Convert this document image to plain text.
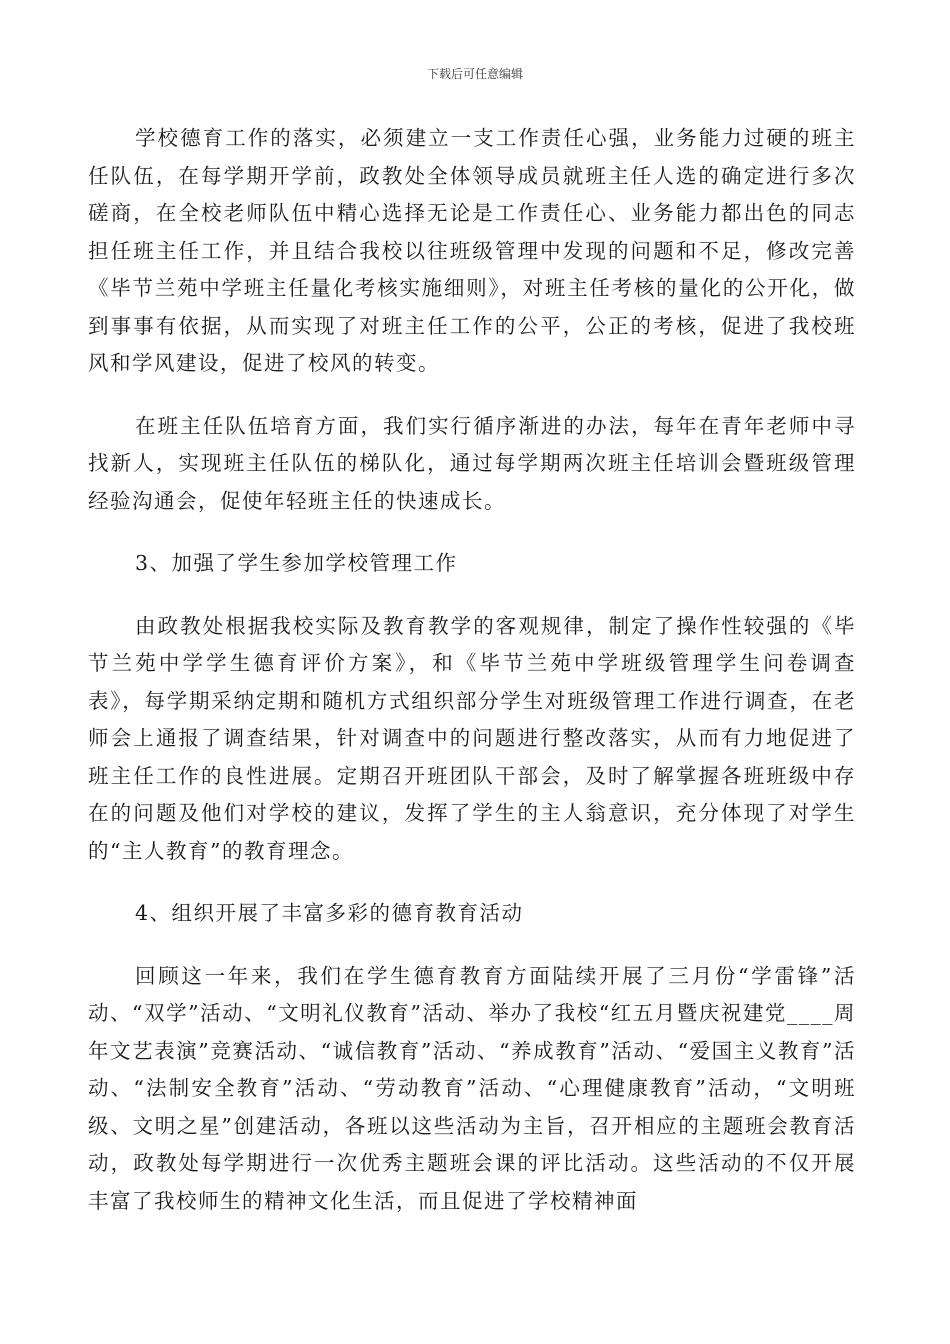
下载后可任意编辑

学校德育工作的落实，必须建立一支工作责任心强，业务能力过硬的班主任队伍，在每学期开学前，政教处全体领导成员就班主任人选的确定进行多次磋商，在全校老师队伍中精心选择无论是工作责任心、业务能力都出色的同志担任班主任工作，并且结合我校以往班级管理中发现的问题和不足，修改完善《毕节兰苑中学班主任量化考核实施细则》，对班主任考核的量化的公开化，做到事事有依据，从而实现了对班主任工作的公平，公正的考核，促进了我校班风和学风建设，促进了校风的转变。

在班主任队伍培育方面，我们实行循序渐进的办法，每年在青年老师中寻找新人，实现班主任队伍的梯队化，通过每学期两次班主任培训会暨班级管理经验沟通会，促使年轻班主任的快速成长。

3、加强了学生参加学校管理工作

由政教处根据我校实际及教育教学的客观规律，制定了操作性较强的《毕节兰苑中学学生德育评价方案》，和《毕节兰苑中学班级管理学生问卷调查表》，每学期采纳定期和随机方式组织部分学生对班级管理工作进行调查，在老师会上通报了调查结果，针对调查中的问题进行整改落实，从而有力地促进了班主任工作的良性进展。定期召开班团队干部会，及时了解掌握各班班级中存在的问题及他们对学校的建议，发挥了学生的主人翁意识，充分体现了对学生的“主人教育”的教育理念。

4、组织开展了丰富多彩的德育教育活动

回顾这一年来，我们在学生德育教育方面陆续开展了三月份“学雷锋”活动、“双学”活动、“文明礼仪教育”活动、举办了我校“红五月暨庆祝建党____周年文艺表演”竞赛活动、“诚信教育”活动、“养成教育”活动、“爱国主义教育”活动、“法制安全教育”活动、“劳动教育”活动、“心理健康教育”活动，“文明班级、文明之星”创建活动，各班以这些活动为主旨，召开相应的主题班会教育活动，政教处每学期进行一次优秀主题班会课的评比活动。这些活动的不仅开展丰富了我校师生的精神文化生活，而且促进了学校精神面
